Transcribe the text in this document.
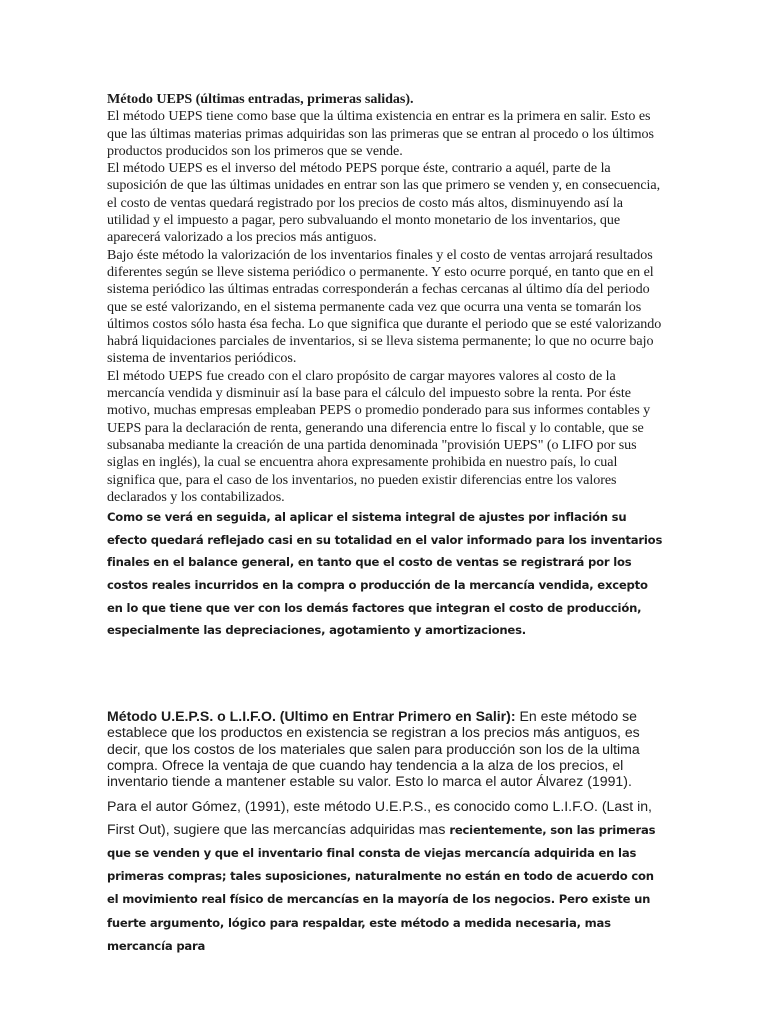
Método UEPS (últimas entradas, primeras salidas).

El método UEPS tiene como base que la última existencia en entrar es la primera en salir. Esto es que las últimas materias primas adquiridas son las primeras que se entran al procedo o los últimos productos producidos son los primeros que se vende.

El método UEPS es el inverso del método PEPS porque éste, contrario a aquél, parte de la suposición de que las últimas unidades en entrar son las que primero se venden y, en consecuencia, el costo de ventas quedará registrado por los precios de costo más altos, disminuyendo así la utilidad y el impuesto a pagar, pero subvaluando el monto monetario de los inventarios, que aparecerá valorizado a los precios más antiguos.

Bajo éste método la valorización de los inventarios finales y el costo de ventas arrojará resultados diferentes según se lleve sistema periódico o permanente. Y esto ocurre porqué, en tanto que en el sistema periódico las últimas entradas corresponderán a fechas cercanas al último día del periodo que se esté valorizando, en el sistema permanente cada vez que ocurra una venta se tomarán los últimos costos sólo hasta ésa fecha. Lo que significa que durante el periodo que se esté valorizando habrá liquidaciones parciales de inventarios, si se lleva sistema permanente; lo que no ocurre bajo sistema de inventarios periódicos.

El método UEPS fue creado con el claro propósito de cargar mayores valores al costo de la mercancía vendida y disminuir así la base para el cálculo del impuesto sobre la renta. Por éste motivo, muchas empresas empleaban PEPS o promedio ponderado para sus informes contables y UEPS para la declaración de renta, generando una diferencia entre lo fiscal y lo contable, que se subsanaba mediante la creación de una partida denominada "provisión UEPS" (o LIFO por sus siglas en inglés), la cual se encuentra ahora expresamente prohibida en nuestro país, lo cual significa que, para el caso de los inventarios, no pueden existir diferencias entre los valores declarados y los contabilizados.

Como se verá en seguida, al aplicar el sistema integral de ajustes por inflación su efecto quedará reflejado casi en su totalidad en el valor informado para los inventarios finales en el balance general, en tanto que el costo de ventas se registrará por los costos reales incurridos en la compra o producción de la mercancía vendida, excepto en lo que tiene que ver con los demás factores que integran el costo de producción, especialmente las depreciaciones, agotamiento y amortizaciones.

Método U.E.P.S. o L.I.F.O. (Ultimo en Entrar Primero en Salir): En este método se establece que los productos en existencia se registran a los precios más antiguos, es decir, que los costos de los materiales que salen para producción son los de la ultima compra. Ofrece la ventaja de que cuando hay tendencia a la alza de los precios, el inventario tiende a mantener estable su valor. Esto lo marca el autor Álvarez (1991).

Para el autor Gómez, (1991), este método U.E.P.S., es conocido como L.I.F.O. (Last in, First Out), sugiere que las mercancías adquiridas mas recientemente, son las primeras que se venden y que el inventario final consta de viejas mercancía adquirida en las primeras compras; tales suposiciones, naturalmente no están en todo de acuerdo con el movimiento real físico de mercancías en la mayoría de los negocios. Pero existe un fuerte argumento, lógico para respaldar, este método a medida necesaria, mas mercancía para
